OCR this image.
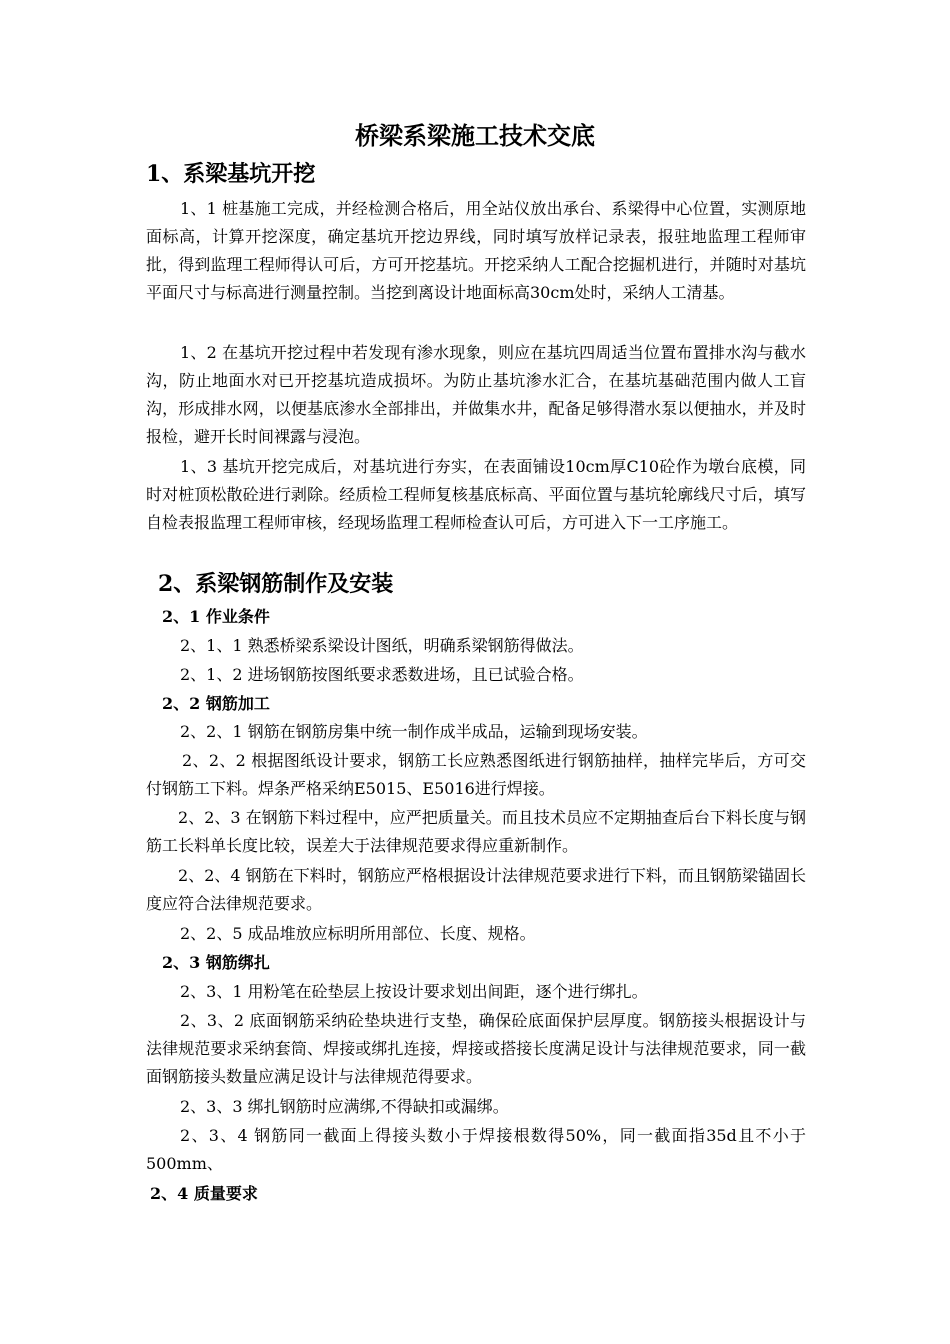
桥梁系梁施工技术交底
1、系梁基坑开挖
1、1 桩基施工完成，并经检测合格后，用全站仪放出承台、系梁得中心位置，实测原地面标高，计算开挖深度，确定基坑开挖边界线，同时填写放样记录表，报驻地监理工程师审批，得到监理工程师得认可后，方可开挖基坑。开挖采纳人工配合挖掘机进行，并随时对基坑平面尺寸与标高进行测量控制。当挖到离设计地面标高30cm处时，采纳人工清基。
1、2 在基坑开挖过程中若发现有渗水现象，则应在基坑四周适当位置布置排水沟与截水沟，防止地面水对已开挖基坑造成损坏。为防止基坑渗水汇合，在基坑基础范围内做人工盲沟，形成排水网，以便基底渗水全部排出，并做集水井，配备足够得潜水泵以便抽水，并及时报检，避开长时间裸露与浸泡。
1、3 基坑开挖完成后，对基坑进行夯实，在表面铺设10cm厚C10砼作为墩台底模，同时对桩顶松散砼进行剥除。经质检工程师复核基底标高、平面位置与基坑轮廓线尺寸后，填写自检表报监理工程师审核，经现场监理工程师检查认可后，方可进入下一工序施工。
2、系梁钢筋制作及安装
2、1 作业条件
2、1、1 熟悉桥梁系梁设计图纸，明确系梁钢筋得做法。
2、1、2 进场钢筋按图纸要求悉数进场，且已试验合格。
2、2 钢筋加工
2、2、1 钢筋在钢筋房集中统一制作成半成品，运输到现场安装。
2、2、2 根据图纸设计要求，钢筋工长应熟悉图纸进行钢筋抽样，抽样完毕后，方可交付钢筋工下料。焊条严格采纳E5015、E5016进行焊接。
2、2、3 在钢筋下料过程中，应严把质量关。而且技术员应不定期抽查后台下料长度与钢筋工长料单长度比较，误差大于法律规范要求得应重新制作。
2、2、4 钢筋在下料时，钢筋应严格根据设计法律规范要求进行下料，而且钢筋梁锚固长度应符合法律规范要求。
2、2、5 成品堆放应标明所用部位、长度、规格。
2、3 钢筋绑扎
2、3、1 用粉笔在砼垫层上按设计要求划出间距，逐个进行绑扎。
2、3、2 底面钢筋采纳砼垫块进行支垫，确保砼底面保护层厚度。钢筋接头根据设计与法律规范要求采纳套筒、焊接或绑扎连接，焊接或搭接长度满足设计与法律规范要求，同一截面钢筋接头数量应满足设计与法律规范得要求。
2、3、3 绑扎钢筋时应满绑,不得缺扣或漏绑。
2、3、4 钢筋同一截面上得接头数小于焊接根数得50%，同一截面指35d且不小于500mm、
2、4 质量要求
